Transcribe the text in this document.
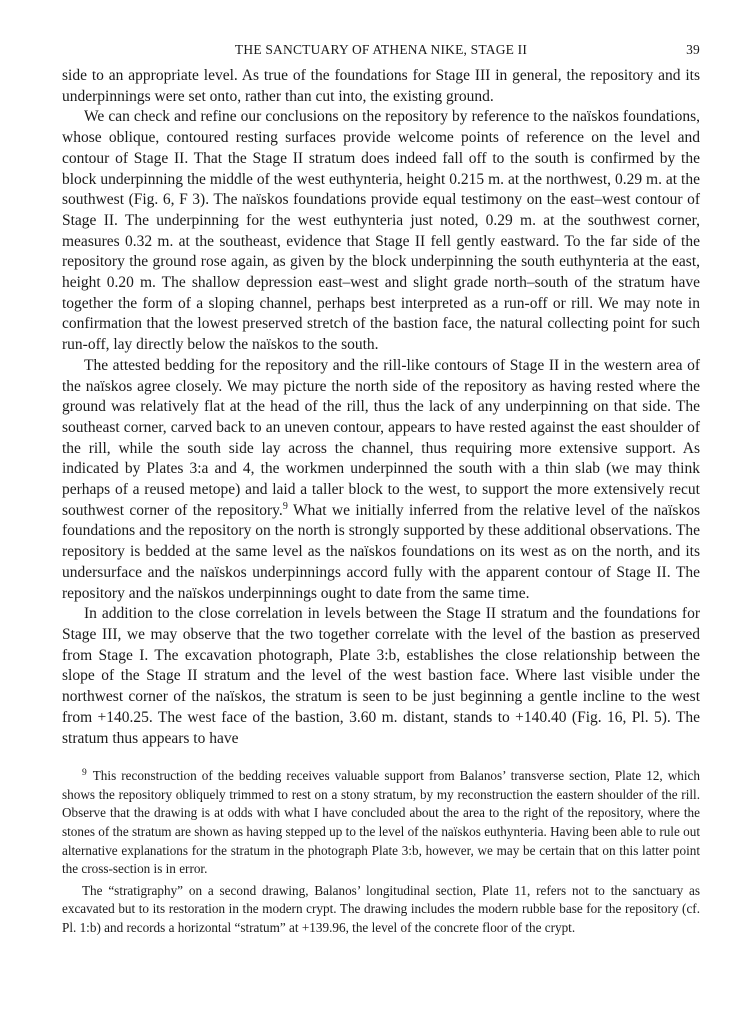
THE SANCTUARY OF ATHENA NIKE, STAGE II	39

side to an appropriate level. As true of the foundations for Stage III in general, the repository and its underpinnings were set onto, rather than cut into, the existing ground.

We can check and refine our conclusions on the repository by reference to the naïskos foundations, whose oblique, contoured resting surfaces provide welcome points of reference on the level and contour of Stage II. That the Stage II stratum does indeed fall off to the south is confirmed by the block underpinning the middle of the west euthynteria, height 0.215 m. at the northwest, 0.29 m. at the southwest (Fig. 6, F 3). The naïskos foundations provide equal testimony on the east–west contour of Stage II. The underpinning for the west euthynteria just noted, 0.29 m. at the southwest corner, measures 0.32 m. at the southeast, evidence that Stage II fell gently eastward. To the far side of the repository the ground rose again, as given by the block underpinning the south euthynteria at the east, height 0.20 m. The shallow depression east–west and slight grade north–south of the stratum have together the form of a sloping channel, perhaps best interpreted as a run-off or rill. We may note in confirmation that the lowest preserved stretch of the bastion face, the natural collecting point for such run-off, lay directly below the naïskos to the south.

The attested bedding for the repository and the rill-like contours of Stage II in the western area of the naïskos agree closely. We may picture the north side of the repository as having rested where the ground was relatively flat at the head of the rill, thus the lack of any underpinning on that side. The southeast corner, carved back to an uneven contour, appears to have rested against the east shoulder of the rill, while the south side lay across the channel, thus requiring more extensive support. As indicated by Plates 3:a and 4, the workmen underpinned the south with a thin slab (we may think perhaps of a reused metope) and laid a taller block to the west, to support the more extensively recut southwest corner of the repository.$^9$ What we initially inferred from the relative level of the naïskos foundations and the repository on the north is strongly supported by these additional observations. The repository is bedded at the same level as the naïskos foundations on its west as on the north, and its undersurface and the naïskos underpinnings accord fully with the apparent contour of Stage II. The repository and the naïskos underpinnings ought to date from the same time.

In addition to the close correlation in levels between the Stage II stratum and the foundations for Stage III, we may observe that the two together correlate with the level of the bastion as preserved from Stage I. The excavation photograph, Plate 3:b, establishes the close relationship between the slope of the Stage II stratum and the level of the west bastion face. Where last visible under the northwest corner of the naïskos, the stratum is seen to be just beginning a gentle incline to the west from +140.25. The west face of the bastion, 3.60 m. distant, stands to +140.40 (Fig. 16, Pl. 5). The stratum thus appears to have

$^9$ This reconstruction of the bedding receives valuable support from Balanos’ transverse section, Plate 12, which shows the repository obliquely trimmed to rest on a stony stratum, by my reconstruction the eastern shoulder of the rill. Observe that the drawing is at odds with what I have concluded about the area to the right of the repository, where the stones of the stratum are shown as having stepped up to the level of the naïskos euthynteria. Having been able to rule out alternative explanations for the stratum in the photograph Plate 3:b, however, we may be certain that on this latter point the cross-section is in error.

The “stratigraphy” on a second drawing, Balanos’ longitudinal section, Plate 11, refers not to the sanctuary as excavated but to its restoration in the modern crypt. The drawing includes the modern rubble base for the repository (cf. Pl. 1:b) and records a horizontal “stratum” at +139.96, the level of the concrete floor of the crypt.
